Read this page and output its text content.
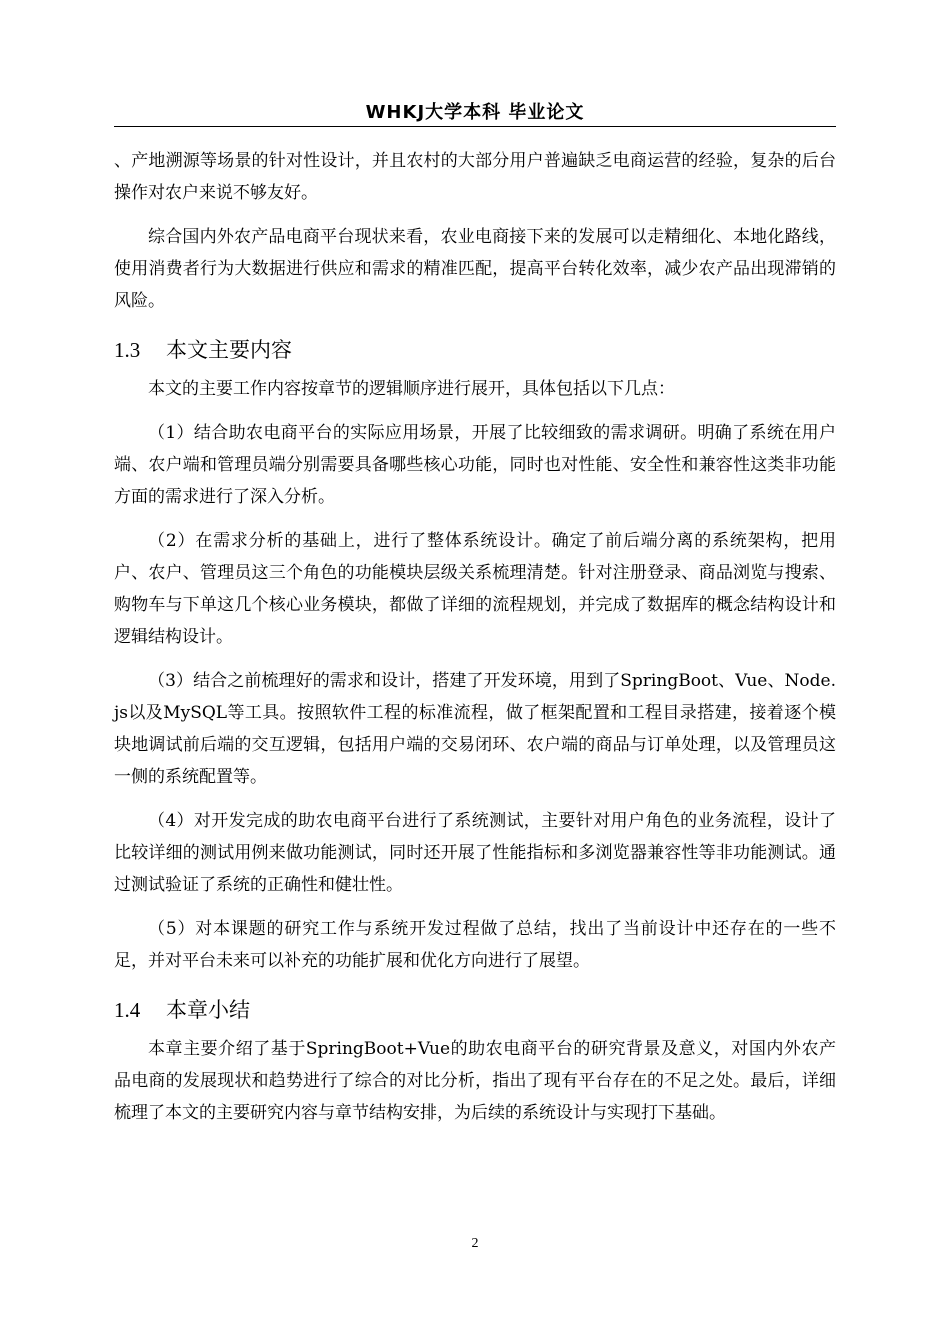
WHKJ大学本科 毕业论文

、产地溯源等场景的针对性设计，并且农村的大部分用户普遍缺乏电商运营的经验，复杂的后台操作对农户来说不够友好。

综合国内外农产品电商平台现状来看，农业电商接下来的发展可以走精细化、本地化路线，使用消费者行为大数据进行供应和需求的精准匹配，提高平台转化效率，减少农产品出现滞销的风险。

1.3 本文主要内容

本文的主要工作内容按章节的逻辑顺序进行展开，具体包括以下几点：

（1）结合助农电商平台的实际应用场景，开展了比较细致的需求调研。明确了系统在用户端、农户端和管理员端分别需要具备哪些核心功能，同时也对性能、安全性和兼容性这类非功能方面的需求进行了深入分析。

（2）在需求分析的基础上，进行了整体系统设计。确定了前后端分离的系统架构，把用户、农户、管理员这三个角色的功能模块层级关系梳理清楚。针对注册登录、商品浏览与搜索、购物车与下单这几个核心业务模块，都做了详细的流程规划，并完成了数据库的概念结构设计和逻辑结构设计。

（3）结合之前梳理好的需求和设计，搭建了开发环境，用到了SpringBoot、Vue、Node. js以及MySQL等工具。按照软件工程的标准流程，做了框架配置和工程目录搭建，接着逐个模块地调试前后端的交互逻辑，包括用户端的交易闭环、农户端的商品与订单处理，以及管理员这一侧的系统配置等。

（4）对开发完成的助农电商平台进行了系统测试，主要针对用户角色的业务流程，设计了比较详细的测试用例来做功能测试，同时还开展了性能指标和多浏览器兼容性等非功能测试。通过测试验证了系统的正确性和健壮性。

（5）对本课题的研究工作与系统开发过程做了总结，找出了当前设计中还存在的一些不足，并对平台未来可以补充的功能扩展和优化方向进行了展望。

1.4 本章小结

本章主要介绍了基于SpringBoot+Vue的助农电商平台的研究背景及意义，对国内外农产品电商的发展现状和趋势进行了综合的对比分析，指出了现有平台存在的不足之处。最后，详细梳理了本文的主要研究内容与章节结构安排，为后续的系统设计与实现打下基础。

2
